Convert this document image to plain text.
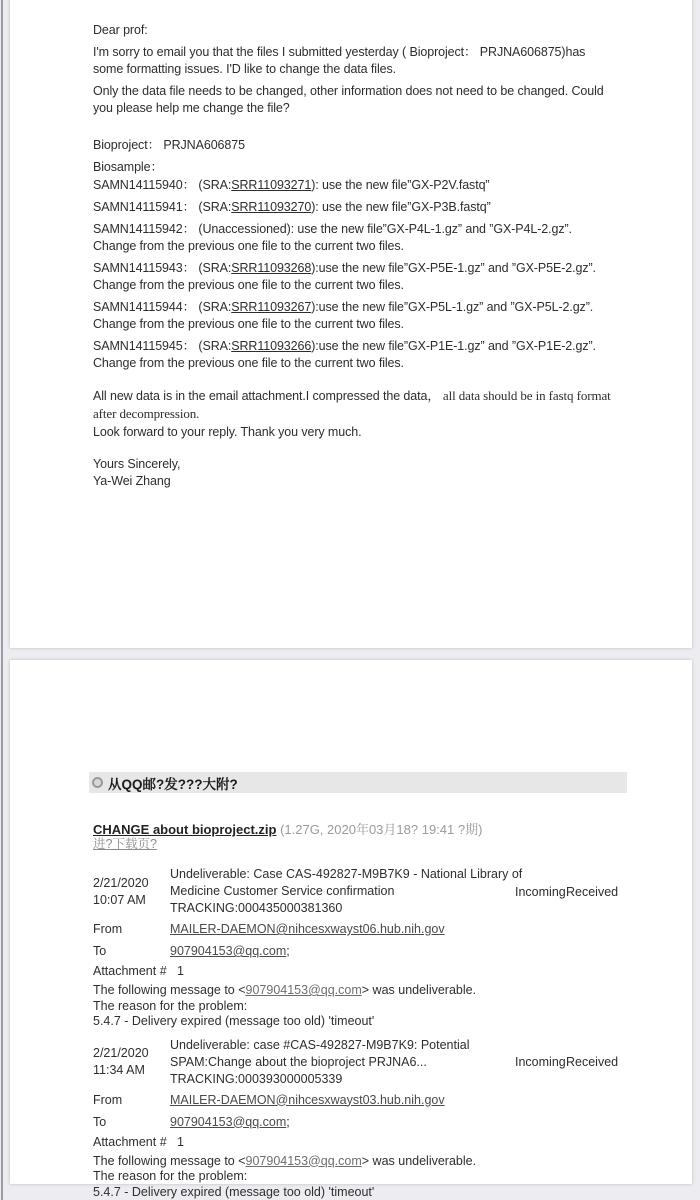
Dear prof:

I'm sorry to email you that the files I submitted yesterday ( Bioproject： PRJNA606875)has some formatting issues. I'D like to change the data files.

Only the data file needs to be changed, other information does not need to be changed. Could you please help me change the file?

Bioproject： PRJNA606875

Biosample：

SAMN14115940： (SRA:SRR11093271): use the new file”GX-P2V.fastq”

SAMN14115941： (SRA:SRR11093270): use the new file”GX-P3B.fastq”

SAMN14115942： (Unaccessioned): use the new file”GX-P4L-1.gz” and ”GX-P4L-2.gz”. Change from the previous one file to the current two files.

SAMN14115943： (SRA:SRR11093268):use the new file”GX-P5E-1.gz” and ”GX-P5E-2.gz”. Change from the previous one file to the current two files.

SAMN14115944： (SRA:SRR11093267):use the new file”GX-P5L-1.gz” and ”GX-P5L-2.gz”. Change from the previous one file to the current two files.

SAMN14115945： (SRA:SRR11093266):use the new file”GX-P1E-1.gz” and ”GX-P1E-2.gz”. Change from the previous one file to the current two files.

All new data is in the email attachment.I compressed the data， all data should be in fastq format after decompression.

Look forward to your reply. Thank you very much.

Yours Sincerely,

Ya-Wei Zhang

从QQ邮?发???大附?

CHANGE about bioproject.zip (1.27G, 2020年03月18? 19:41 ?期)

进?下载页?

2/21/2020
10:07 AM
Undeliverable: Case CAS-492827-M9B7K9 - National Library of
Medicine Customer Service confirmation
TRACKING:000435000381360
Incoming Received
From	MAILER-DAEMON@nihcesxwayst06.hub.nih.gov
To	907904153@qq.com;
Attachment # 1

The following message to <907904153@qq.com> was undeliverable.

The reason for the problem:

5.4.7 - Delivery expired (message too old) 'timeout'

2/21/2020
11:34 AM
Undeliverable: case #CAS-492827-M9B7K9: Potential
SPAM:Change about the bioproject PRJNA6...
TRACKING:000393000005339
Incoming Received
From	MAILER-DAEMON@nihcesxwayst03.hub.nih.gov
To	907904153@qq.com;
Attachment # 1

The following message to <907904153@qq.com> was undeliverable.

The reason for the problem:

5.4.7 - Delivery expired (message too old) 'timeout'
